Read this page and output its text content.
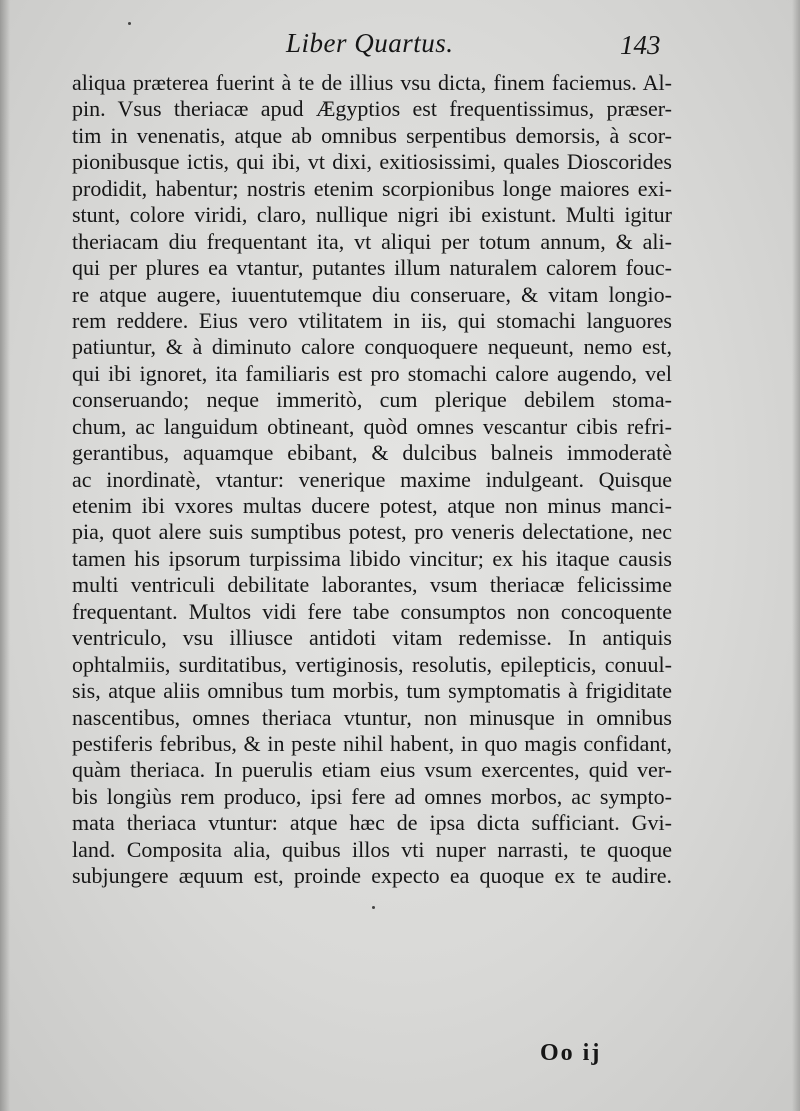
Liber Quartus.	143
aliqua præterea fuerint à te de illius vsu dicta, finem faciemus. Al-
pin. Vsus theriacæ apud Ægyptios est frequentissimus, præser-
tim in venenatis, atque ab omnibus serpentibus demorsis, à scor-
pionibusque ictis, qui ibi, vt dixi, exitiosissimi, quales Dioscorides
prodidit, habentur; nostris etenim scorpionibus longe maiores exi-
stunt, colore viridi, claro, nullique nigri ibi existunt. Multi igitur
theriacam diu frequentant ita, vt aliqui per totum annum, & ali-
qui per plures ea vtantur, putantes illum naturalem calorem fouc-
re atque augere, iuuentutemque diu conseruare, & vitam longio-
rem reddere. Eius vero vtilitatem in iis, qui stomachi languores
patiuntur, & à diminuto calore conquoquere nequeunt, nemo est,
qui ibi ignoret, ita familiaris est pro stomachi calore augendo, vel
conseruando; neque immeritò, cum plerique debilem stoma-
chum, ac languidum obtineant, quòd omnes vescantur cibis refri-
gerantibus, aquamque ebibant, & dulcibus balneis immoderatè
ac inordinatè, vtantur: venerique maxime indulgeant. Quisque
etenim ibi vxores multas ducere potest, atque non minus manci-
pia, quot alere suis sumptibus potest, pro veneris delectatione, nec
tamen his ipsorum turpissima libido vincitur; ex his itaque causis
multi ventriculi debilitate laborantes, vsum theriacæ felicissime
frequentant. Multos vidi fere tabe consumptos non concoquente
ventriculo, vsu illiusce antidoti vitam redemisse. In antiquis
ophtalmiis, surditatibus, vertiginosis, resolutis, epilepticis, conuul-
sis, atque aliis omnibus tum morbis, tum symptomatis à frigiditate
nascentibus, omnes theriaca vtuntur, non minusque in omnibus
pestiferis febribus, & in peste nihil habent, in quo magis confidant,
quàm theriaca. In puerulis etiam eius vsum exercentes, quid ver-
bis longiùs rem produco, ipsi fere ad omnes morbos, ac sympto-
mata theriaca vtuntur: atque hæc de ipsa dicta sufficiant. Gvi-
land. Composita alia, quibus illos vti nuper narrasti, te quoque
subjungere æquum est, proinde expecto ea quoque ex te audire.
Oo ij
